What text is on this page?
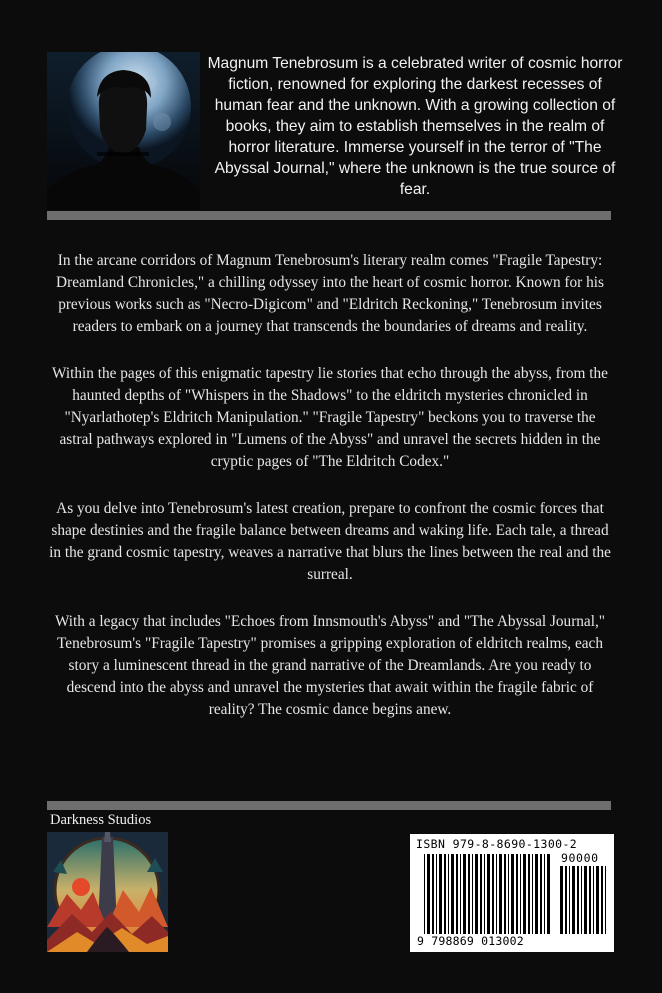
Magnum Tenebrosum is a celebrated writer of cosmic horror fiction, renowned for exploring the darkest recesses of human fear and the unknown. With a growing collection of books, they aim to establish themselves in the realm of horror literature. Immerse yourself in the terror of "The Abyssal Journal," where the unknown is the true source of fear.

In the arcane corridors of Magnum Tenebrosum's literary realm comes "Fragile Tapestry: Dreamland Chronicles," a chilling odyssey into the heart of cosmic horror. Known for his previous works such as "Necro-Digicom" and "Eldritch Reckoning," Tenebrosum invites readers to embark on a journey that transcends the boundaries of dreams and reality.

Within the pages of this enigmatic tapestry lie stories that echo through the abyss, from the haunted depths of "Whispers in the Shadows" to the eldritch mysteries chronicled in "Nyarlathotep's Eldritch Manipulation." "Fragile Tapestry" beckons you to traverse the astral pathways explored in "Lumens of the Abyss" and unravel the secrets hidden in the cryptic pages of "The Eldritch Codex."

As you delve into Tenebrosum's latest creation, prepare to confront the cosmic forces that shape destinies and the fragile balance between dreams and waking life. Each tale, a thread in the grand cosmic tapestry, weaves a narrative that blurs the lines between the real and the surreal.

With a legacy that includes "Echoes from Innsmouth's Abyss" and "The Abyssal Journal," Tenebrosum's "Fragile Tapestry" promises a gripping exploration of eldritch realms, each story a luminescent thread in the grand narrative of the Dreamlands. Are you ready to descend into the abyss and unravel the mysteries that await within the fragile fabric of reality? The cosmic dance begins anew.

Darkness Studios
ISBN 979-8-8690-1300-2
90000
9 798869 013002
